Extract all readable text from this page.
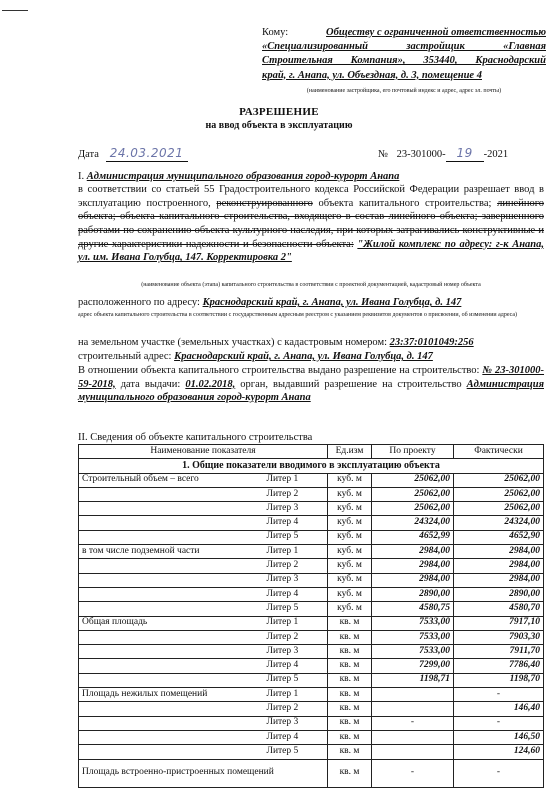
Кому:	Обществу с ограниченной ответственностью
«Специализированный застройщик «Главная
Строительная Компания», 353440, Краснодарский
край, г. Анапа, ул. Объездная, д. 3, помещение 4
(наименование застройщика, его почтовый индекс и адрес, адрес эл. почты)
РАЗРЕШЕНИЕ
на ввод объекта в эксплуатацию
Дата 24.03.2021	№ 23-301000- 19 -2021
I. Администрация муниципального образования город-курорт Анапа
в соответствии со статьей 55 Градостроительного кодекса Российской Федерации разрешает ввод в эксплуатацию построенного, реконструированного объекта капитального строительства; линейного объекта; объекта капитального строительства, входящего в состав линейного объекта; завершенного работами по сохранению объекта культурного наследия, при которых затрагивались конструктивные и другие характеристики надежности и безопасности объекта: "Жилой комплекс по адресу: г-к Анапа, ул. им. Ивана Голубца, 147. Корректировка 2"
(наименование объекта (этапа) капитального строительства в соответствии с проектной документацией, кадастровый номер объекта
расположенного по адресу: Краснодарский край, г. Анапа, ул. Ивана Голубца, д. 147
адрес объекта капитального строительства в соответствии с государственным адресным реестром с указанием реквизитов документов о присвоении, об изменении адреса)
на земельном участке (земельных участках) с кадастровым номером: 23:37:0101049:256
строительный адрес: Краснодарский край, г. Анапа, ул. Ивана Голубца, д. 147
В отношении объекта капитального строительства выдано разрешение на строительство: № 23-301000-59-2018, дата выдачи: 01.02.2018, орган, выдавший разрешение на строительство Администрация муниципального образования город-курорт Анапа
II. Сведения об объекте капитального строительства
Наименование показателя		Ед.изм	По проекту	Фактически
1. Общие показатели вводимого в эксплуатацию объекта				
Строительный объем – всего	Литер 1	куб. м	25062,00	25062,00
	Литер 2	куб. м	25062,00	25062,00
	Литер 3	куб. м	25062,00	25062,00
	Литер 4	куб. м	24324,00	24324,00
	Литер 5	куб. м	4652,99	4652,90
в том числе подземной части	Литер 1	куб. м	2984,00	2984,00
	Литер 2	куб. м	2984,00	2984,00
	Литер 3	куб. м	2984,00	2984,00
	Литер 4	куб. м	2890,00	2890,00
	Литер 5	куб. м	4580,75	4580,70
Общая площадь	Литер 1	кв. м	7533,00	7917,10
	Литер 2	кв. м	7533,00	7903,30
	Литер 3	кв. м	7533,00	7911,70
	Литер 4	кв. м	7299,00	7786,40
	Литер 5	кв. м	1198,71	1198,70
Площадь нежилых помещений	Литер 1	кв. м		-
	Литер 2	кв. м		146,40
	Литер 3	кв. м	-	-
	Литер 4	кв. м		146,50
	Литер 5	кв. м		124,60
Площадь встроенно-пристроенных помещений		кв. м	-	-
